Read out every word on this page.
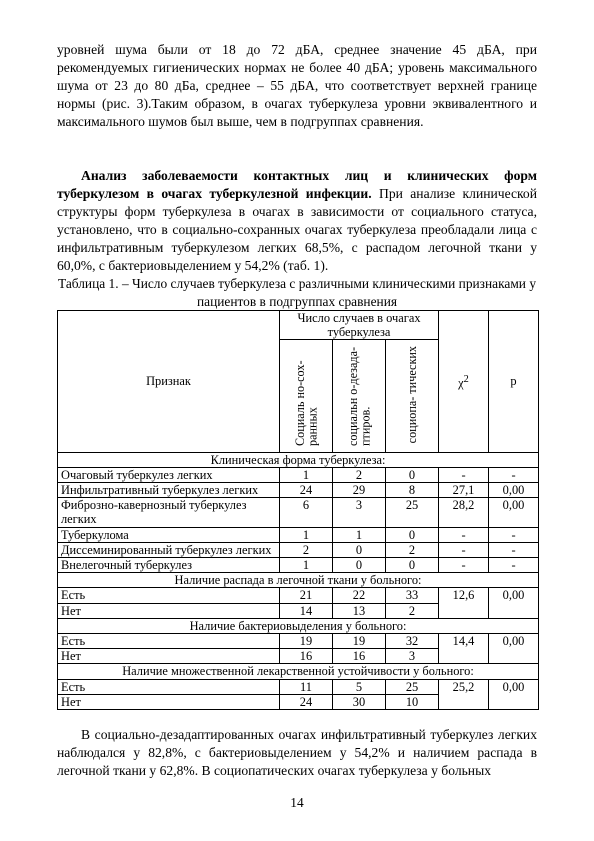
уровней шума были от 18 до 72 дБА, среднее значение 45 дБА, при рекомендуемых гигиенических нормах не более 40 дБА; уровень максимального шума от 23 до 80 дБа, среднее – 55 дБА, что соответствует верхней границе нормы (рис. 3).Таким образом, в очагах туберкулеза уровни эквивалентного и максимального шумов был выше, чем в подгруппах сравнения.

Анализ заболеваемости контактных лиц и клинических форм туберкулезом в очагах туберкулезной инфекции. При анализе клинической структуры форм туберкулеза в очагах в зависимости от социального статуса, установлено, что в социально-сохранных очагах туберкулеза преобладали лица с инфильтративным туберкулезом легких 68,5%, с распадом легочной ткани у 60,0%, с бактериовыделением у 54,2% (таб. 1).

Таблица 1. – Число случаев туберкулеза с различными клиническими признаками у пациентов в подгруппах сравнения
Признак	Число случаев в очагах туберкулеза			$\chi^2$	р
	Социаль но-сох- ранных	социальн о-дезада- птиров.	социопа- тических		
Клиническая форма туберкулеза:					
Очаговый туберкулез легких	1	2	0	-	-
Инфильтративный туберкулез легких	24	29	8	27,1	0,00
Фиброзно-кавернозный туберкулез легких	6	3	25	28,2	0,00
Туберкулома	1	1	0	-	-
Диссеминированный туберкулез легких	2	0	2	-	-
Внелегочный туберкулез	1	0	0	-	-
Наличие распада в легочной ткани у больного:					
Есть	21	22	33	12,6	0,00
Нет	14	13	2		
Наличие бактериовыделения у больного:					
Есть	19	19	32	14,4	0,00
Нет	16	16	3		
Наличие множественной лекарственной устойчивости у больного:					
Есть	11	5	25	25,2	0,00
Нет	24	30	10		

В социально-дезадаптированных очагах инфильтративный туберкулез легких наблюдался у 82,8%, с бактериовыделением у 54,2% и наличием распада в легочной ткани у 62,8%. В социопатических очагах туберкулеза у больных

14
